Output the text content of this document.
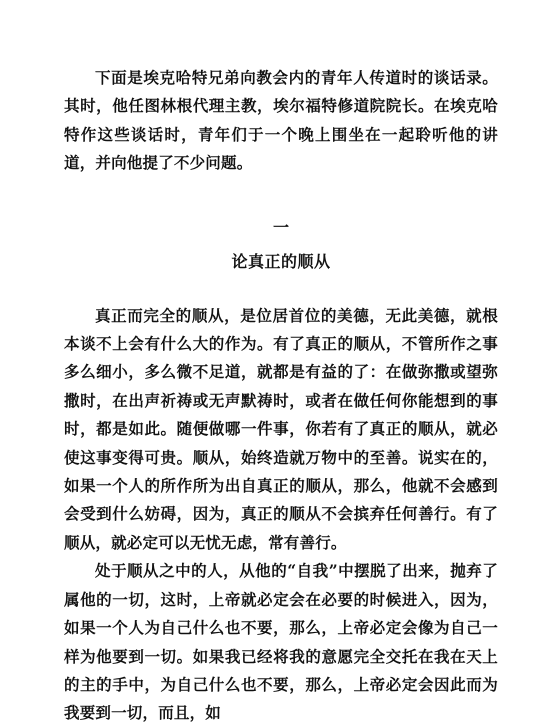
下面是埃克哈特兄弟向教会内的青年人传道时的谈话录。其时，他任图林根代理主教，埃尔福特修道院院长。在埃克哈特作这些谈话时，青年们于一个晚上围坐在一起聆听他的讲道，并向他提了不少问题。

一
论真正的顺从

真正而完全的顺从，是位居首位的美德，无此美德，就根本谈不上会有什么大的作为。有了真正的顺从，不管所作之事多么细小，多么微不足道，就都是有益的了：在做弥撒或望弥撒时，在出声祈祷或无声默祷时，或者在做任何你能想到的事时，都是如此。随便做哪一件事，你若有了真正的顺从，就必使这事变得可贵。顺从，始终造就万物中的至善。说实在的，如果一个人的所作所为出自真正的顺从，那么，他就不会感到会受到什么妨碍，因为，真正的顺从不会摈弃任何善行。有了顺从，就必定可以无忧无虑，常有善行。

处于顺从之中的人，从他的“自我”中摆脱了出来，抛弃了属他的一切，这时，上帝就必定会在必要的时候进入，因为，如果一个人为自己什么也不要，那么，上帝必定会像为自己一样为他要到一切。如果我已经将我的意愿完全交托在我在天上的主的手中，为自己什么也不要，那么，上帝必定会因此而为我要到一切，而且，如
